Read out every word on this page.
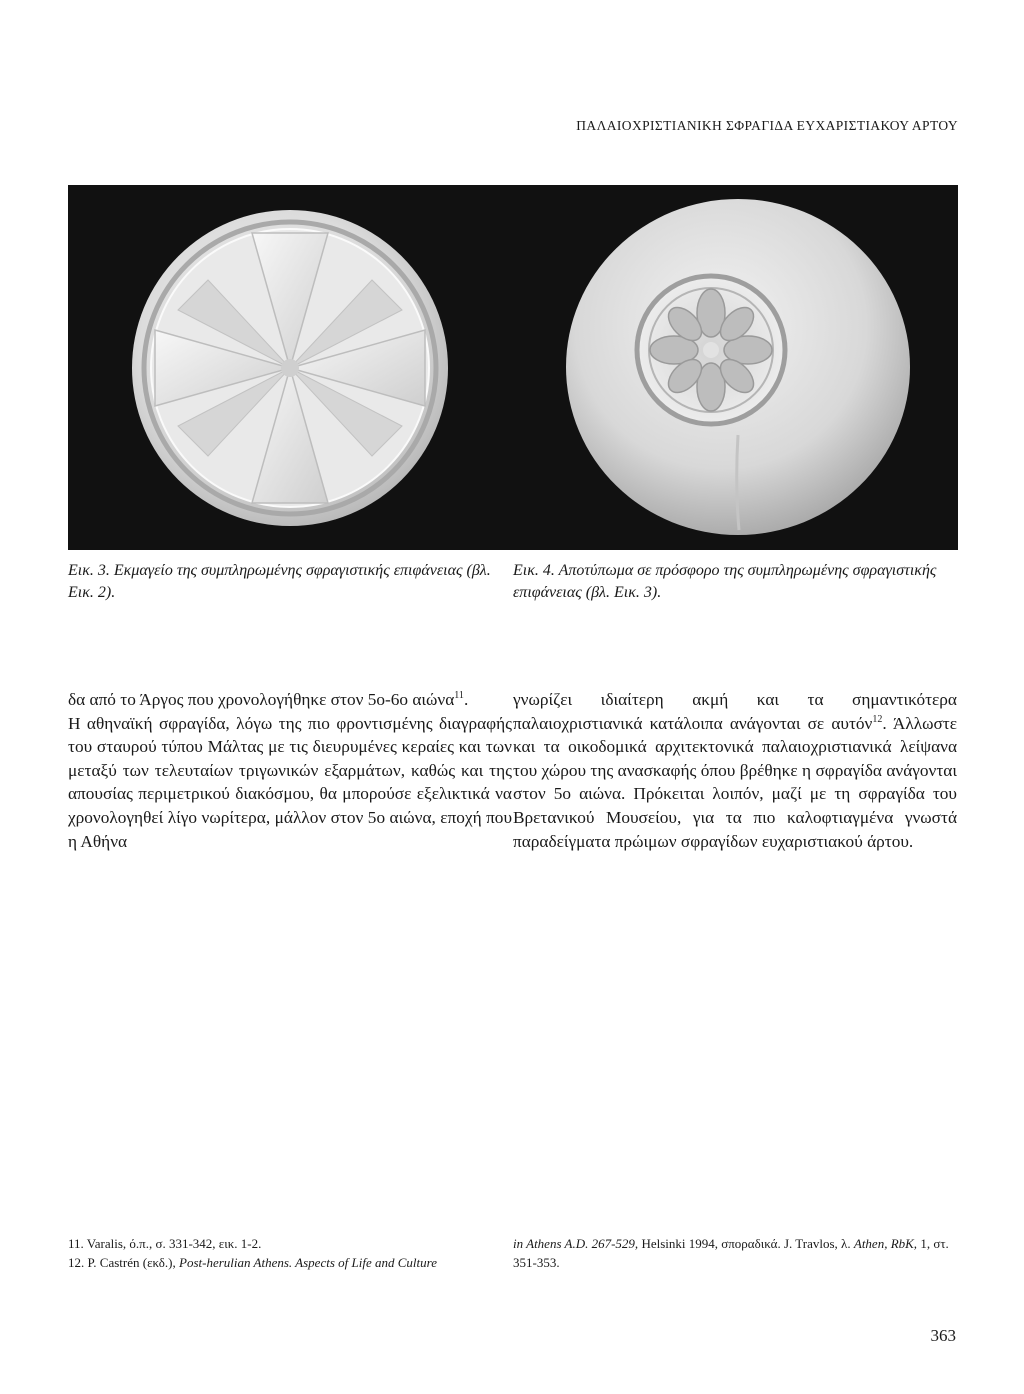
ΠΑΛΑΙΟΧΡΙΣΤΙΑΝΙΚΗ ΣΦΡΑΓΙΔΑ ΕΥΧΑΡΙΣΤΙΑΚΟΥ ΑΡΤΟΥ
Εικ. 3. Εκμαγείο της συμπληρωμένης σφραγιστικής επιφάνειας (βλ. Εικ. 2).
Εικ. 4. Αποτύπωμα σε πρόσφορο της συμπληρωμένης σφραγιστικής επιφάνειας (βλ. Εικ. 3).

δα από το Άργος που χρονολογήθηκε στον 5ο-6ο αιώνα$^{11}$.

Η αθηναϊκή σφραγίδα, λόγω της πιο φροντισμένης διαγραφής του σταυρού τύπου Μάλτας με τις διευρυμένες κεραίες και των μεταξύ των τελευταίων τριγωνικών εξαρμάτων, καθώς και της απουσίας περιμετρικού διακόσμου, θα μπορούσε εξελικτικά να χρονολογηθεί λίγο νωρίτερα, μάλλον στον 5ο αιώνα, εποχή που η Αθήνα

γνωρίζει ιδιαίτερη ακμή και τα σημαντικότερα παλαιοχριστιανικά κατάλοιπα ανάγονται σε αυτόν$^{12}$. Άλλωστε και τα οικοδομικά αρχιτεκτονικά παλαιοχριστιανικά λείψανα του χώρου της ανασκαφής όπου βρέθηκε η σφραγίδα ανάγονται στον 5ο αιώνα. Πρόκειται λοιπόν, μαζί με τη σφραγίδα του Βρετανικού Μουσείου, για τα πιο καλοφτιαγμένα γνωστά παραδείγματα πρώιμων σφραγίδων ευχαριστιακού άρτου.

11. Varalis, ό.π., σ. 331-342, εικ. 1-2.

12. P. Castrén (εκδ.), Post-herulian Athens. Aspects of Life and Culture

in Athens A.D. 267-529, Helsinki 1994, σποραδικά. J. Travlos, λ. Athen, RbK, 1, στ. 351-353.

363
